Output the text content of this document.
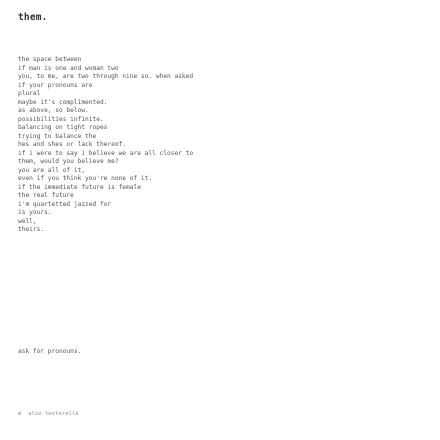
them.
the space between
if man is one and woman two
you, to me, are two through nine so. when asked
if your pronouns are
plural
maybe it's complimented.
as above, so below.
possibilities infinite.
balancing on tight ropes
trying to balance the
hes and shes or lack thereof.
if i were to say i believe we are all closer to
them, would you believe me?
you are all of it,
even if you think you're none of it.
if the immediate future is female
the real future
i'm quartetted jazzed for
is yours.
well,
theirs.
ask for pronouns.
m  also textorelle
